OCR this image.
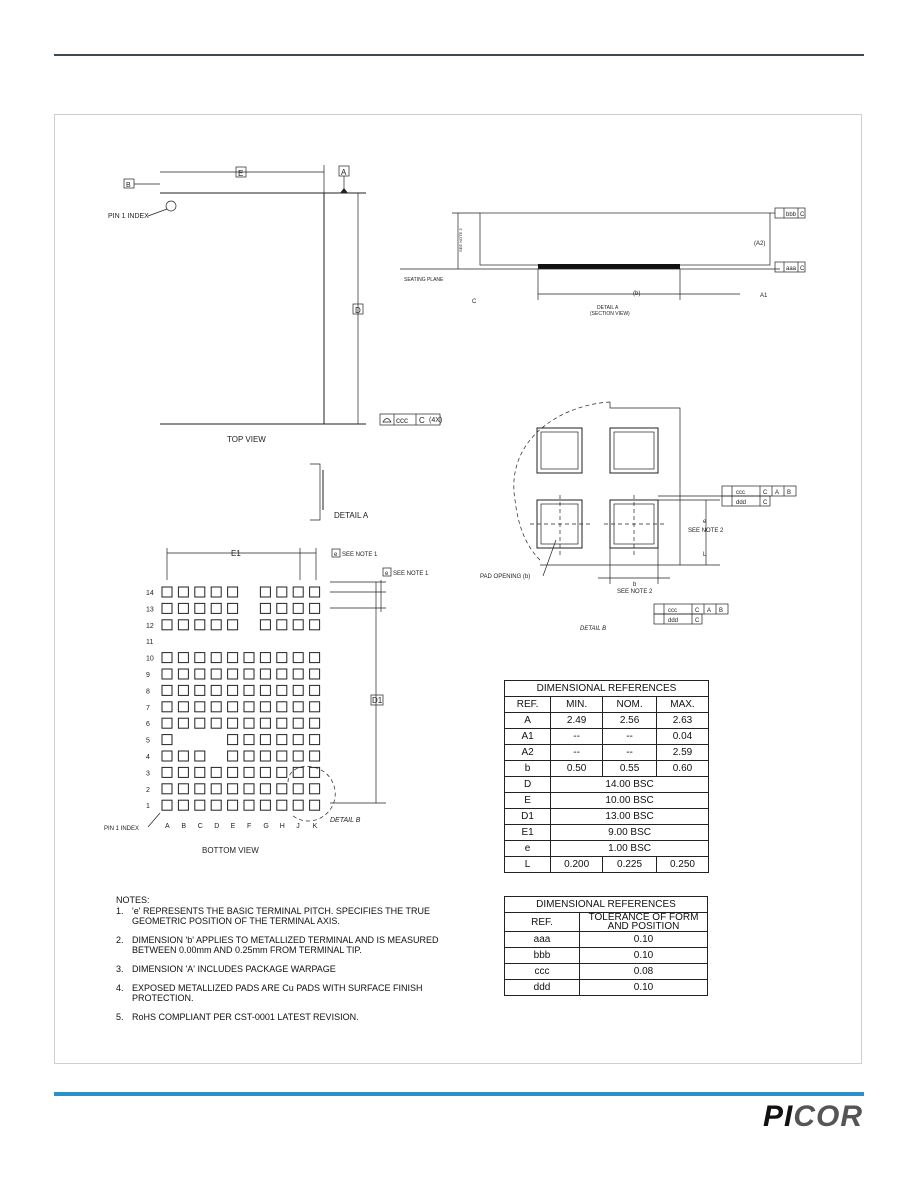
E	A
B
PIN 1 INDEX
D
ccc C (4X)
TOP VIEW
DETAIL A
SEE NOTE 3
SEATING PLANE
C
(b)	A1
(A2)
bbb C
aaa C
DETAIL A
(SECTION VIEW)
e
SEE NOTE 2
L
b
SEE NOTE 2
PAD OPENING (b)
ccc	C A B
ddd	C
ccc	C A B
ddd	C
DETAIL B
E1	e SEE NOTE 1
e SEE NOTE 1
D1
DETAIL B
PIN 1 INDEX
BOTTOM VIEW
14
13
12
11
10
9
8
7
6
5
4
3
2
1
A B C D E F G H J K
DIMENSIONAL REFERENCES			
REF.	MIN.	NOM.	MAX.
A	2.49	2.56	2.63
A1	--	--	0.04
A2	--	--	2.59
b	0.50	0.55	0.60
D	14.00 BSC		
E	10.00 BSC		
D1	13.00 BSC		
E1	9.00 BSC		
e	1.00 BSC		
L	0.200	0.225	0.250
DIMENSIONAL REFERENCES	
REF.	TOLERANCE OF FORM AND POSITION
aaa	0.10
bbb	0.10
ccc	0.08
ddd	0.10
NOTES:
1. 'e' REPRESENTS THE BASIC TERMINAL PITCH. SPECIFIES THE TRUE GEOMETRIC POSITION OF THE TERMINAL AXIS.
2. DIMENSION 'b' APPLIES TO METALLIZED TERMINAL AND IS MEASURED BETWEEN 0.00mm AND 0.25mm FROM TERMINAL TIP.
3. DIMENSION 'A' INCLUDES PACKAGE WARPAGE
4. EXPOSED METALLIZED PADS ARE Cu PADS WITH SURFACE FINISH PROTECTION.
5. RoHS COMPLIANT PER CST-0001 LATEST REVISION.
PICOR
